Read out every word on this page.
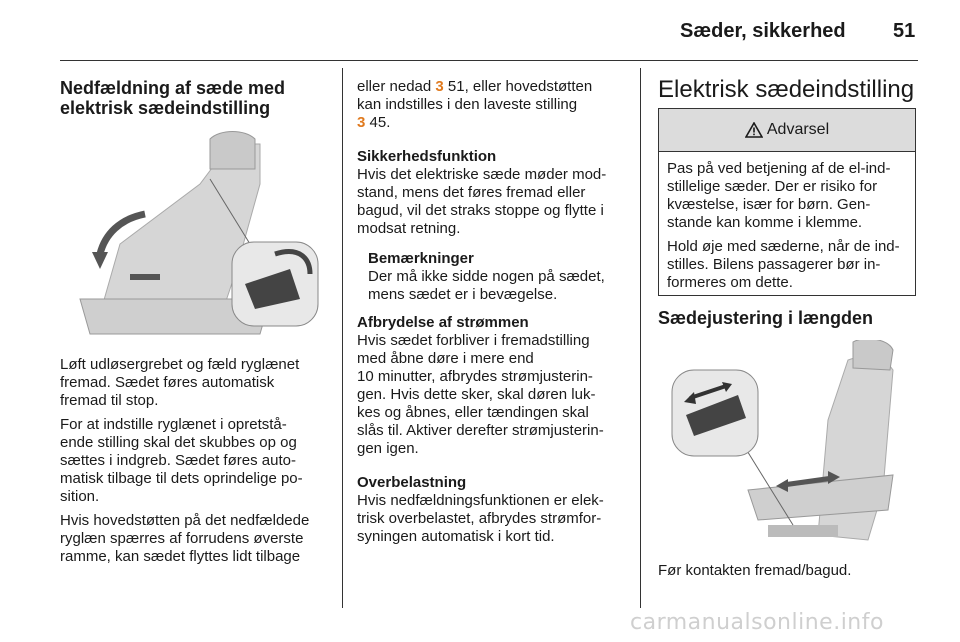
Sæder, sikkerhed 51
Nedfældning af sæde med
elektrisk sædeindstilling

Løft udløsergrebet og fæld ryglænet
fremad. Sædet føres automatisk
fremad til stop.

For at indstille ryglænet i opretstå-
ende stilling skal det skubbes op og
sættes i indgreb. Sædet føres auto-
matisk tilbage til dets oprindelige po-
sition.

Hvis hovedstøtten på det nedfældede
ryglæn spærres af forrudens øverste
ramme, kan sædet flyttes lidt tilbage

eller nedad 3 51, eller hovedstøtten
kan indstilles i den laveste stilling
3 45.

Sikkerhedsfunktion
Hvis det elektriske sæde møder mod-
stand, mens det føres fremad eller
bagud, vil det straks stoppe og flytte i
modsat retning.

Bemærkninger
Der må ikke sidde nogen på sædet,
mens sædet er i bevægelse.

Afbrydelse af strømmen
Hvis sædet forbliver i fremadstilling
med åbne døre i mere end
10 minutter, afbrydes strømjusterin-
gen. Hvis dette sker, skal døren luk-
kes og åbnes, eller tændingen skal
slås til. Aktiver derefter strømjusterin-
gen igen.

Overbelastning
Hvis nedfældningsfunktionen er elek-
trisk overbelastet, afbrydes strømfor-
syningen automatisk i kort tid.

Elektrisk sædeindstilling
Advarsel

Pas på ved betjening af de el-ind-
stillelige sæder. Der er risiko for
kvæstelse, især for børn. Gen-
stande kan komme i klemme.

Hold øje med sæderne, når de ind-
stilles. Bilens passagerer bør in-
formeres om dette.

Sædejustering i længden
Før kontakten fremad/bagud.
carmanualsonline.info
